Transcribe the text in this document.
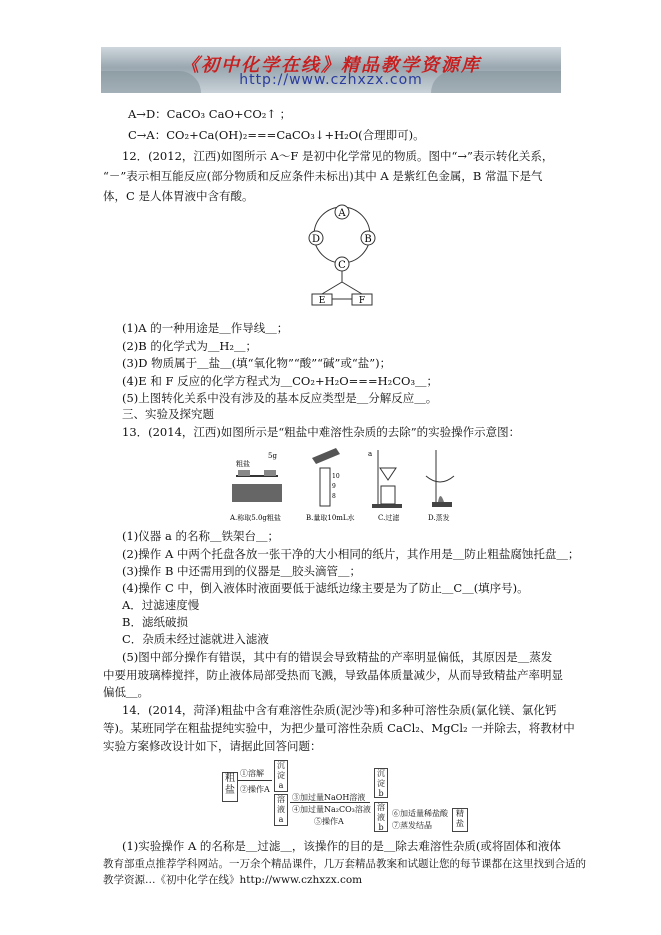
《初中化学在线》精品教学资源库
http://www.czhxzx.com
A→D：CaCO₃ CaO+CO₂↑ ；
C→A：CO₂+Ca(OH)₂===CaCO₃↓+H₂O(合理即可)。
12．(2012，江西)如图所示 A～F 是初中化学常见的物质。图中“→”表示转化关系，
“－”表示相互能反应(部分物质和反应条件未标出)其中 A 是紫红色金属，B 常温下是气
体，C 是人体胃液中含有酸。
A
B
C
D
E	F
(1)A 的一种用途是＿作导线＿；
(2)B 的化学式为＿H₂＿；
(3)D 物质属于＿盐＿(填“氧化物”“酸”“碱”或“盐”)；
(4)E 和 F 反应的化学方程式为＿CO₂+H₂O===H₂CO₃＿；
(5)上图转化关系中没有涉及的基本反应类型是＿分解反应＿。
三、实验及探究题
13．(2014，江西)如图所示是“粗盐中难溶性杂质的去除”的实验操作示意图：
粗盐
5g
10
9
8
a
A.称取5.0g粗盐	B.量取10mL水	C.过滤	D.蒸发
(1)仪器 a 的名称＿铁架台＿；
(2)操作 A 中两个托盘各放一张干净的大小相同的纸片，其作用是＿防止粗盐腐蚀托盘＿；
(3)操作 B 中还需用到的仪器是＿胶头滴管＿；
(4)操作 C 中，倒入液体时液面要低于滤纸边缘主要是为了防止＿C＿(填序号)。
A．过滤速度慢
B．滤纸破损
C．杂质未经过滤就进入滤液
(5)图中部分操作有错误，其中有的错误会导致精盐的产率明显偏低，其原因是＿蒸发
中要用玻璃棒搅拌，防止液体局部受热而飞溅，导致晶体质量减少，从而导致精盐产率明显
偏低＿。
14．(2014，菏泽)粗盐中含有难溶性杂质(泥沙等)和多种可溶性杂质(氯化镁、氯化钙
等)。某班同学在粗盐提纯实验中，为把少量可溶性杂质 CaCl₂、MgCl₂ 一并除去，将教材中
实验方案修改设计如下，请据此回答问题：
粗盐
①溶解
②操作A
沉淀a
溶液a
③加过量NaOH溶液
④加过量Na₂CO₃溶液
⑤操作A
沉淀b
溶液b
⑥加适量稀盐酸
⑦蒸发结晶
精盐
(1)实验操作 A 的名称是＿过滤＿，该操作的目的是＿除去难溶性杂质(或将固体和液体
教育部重点推荐学科网站。一万余个精品课件，几万套精品教案和试题让您的每节课都在这里找到合适的
教学资源…《初中化学在线》http://www.czhxzx.com
